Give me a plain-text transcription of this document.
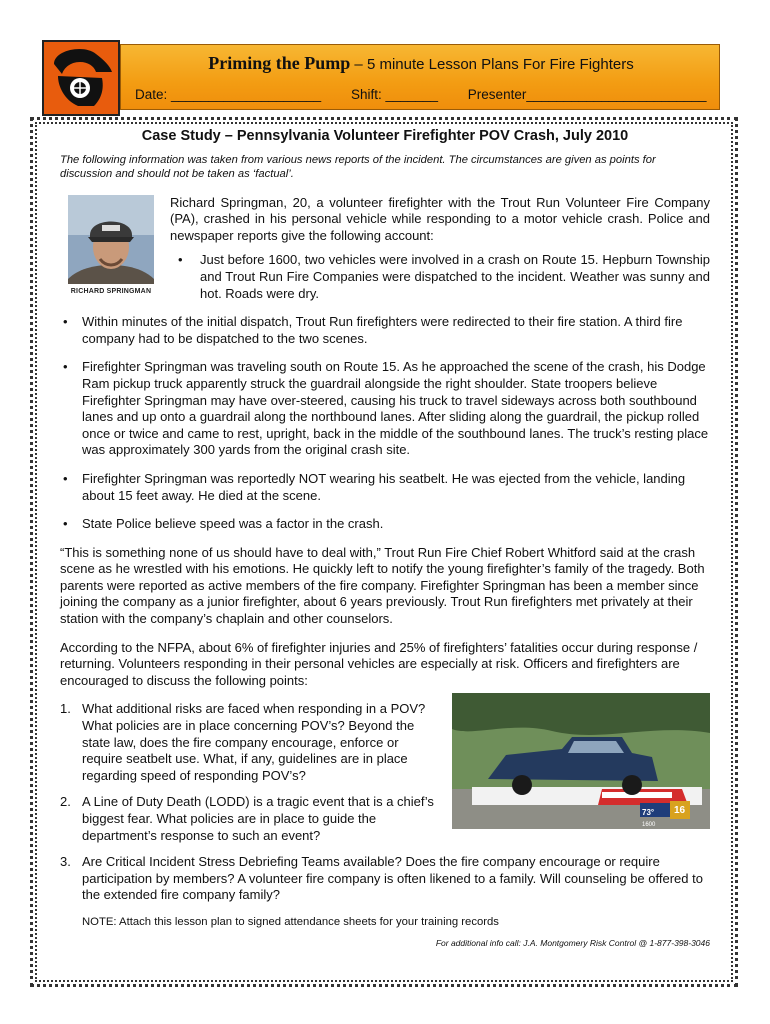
Priming the Pump – 5 minute Lesson Plans For Fire Fighters
Date: ____________________ Shift: _______ Presenter________________________
Case Study – Pennsylvania Volunteer Firefighter POV Crash, July 2010
The following information was taken from various news reports of the incident. The circumstances are given as points for discussion and should not be taken as ‘factual’.
RICHARD SPRINGMAN

Richard Springman, 20, a volunteer firefighter with the Trout Run Volunteer Fire Company (PA), crashed in his personal vehicle while responding to a motor vehicle crash. Police and newspaper reports give the following account:

• Just before 1600, two vehicles were involved in a crash on Route 15. Hepburn Township and Trout Run Fire Companies were dispatched to the incident. Weather was sunny and hot. Roads were dry.
• Within minutes of the initial dispatch, Trout Run firefighters were redirected to their fire station. A third fire company had to be dispatched to the two scenes.
• Firefighter Springman was traveling south on Route 15. As he approached the scene of the crash, his Dodge Ram pickup truck apparently struck the guardrail alongside the right shoulder. State troopers believe Firefighter Springman may have over-steered, causing his truck to travel sideways across both southbound lanes and up onto a guardrail along the northbound lanes. After sliding along the guardrail, the pickup rolled once or twice and came to rest, upright, back in the middle of the southbound lanes. The truck’s resting place was approximately 300 yards from the original crash site.
• Firefighter Springman was reportedly NOT wearing his seatbelt. He was ejected from the vehicle, landing about 15 feet away. He died at the scene.
• State Police believe speed was a factor in the crash.

“This is something none of us should have to deal with,” Trout Run Fire Chief Robert Whitford said at the crash scene as he wrestled with his emotions. He quickly left to notify the young firefighter’s family of the tragedy. Both parents were reported as active members of the fire company. Firefighter Springman has been a member since joining the company as a junior firefighter, about 6 years previously. Trout Run firefighters met privately at their station with the company’s chaplain and other counselors.

According to the NFPA, about 6% of firefighter injuries and 25% of firefighters’ fatalities occur during response / returning. Volunteers responding in their personal vehicles are especially at risk. Officers and firefighters are encouraged to discuss the following points:

1. What additional risks are faced when responding in a POV? What policies are in place concerning POV’s? Beyond the state law, does the fire company encourage, enforce or require seatbelt use. What, if any, guidelines are in place regarding speed of responding POV’s?
2. A Line of Duty Death (LODD) is a tragic event that is a chief’s biggest fear. What policies are in place to guide the department’s response to such an event?
73° 16
1600
3. Are Critical Incident Stress Debriefing Teams available? Does the fire company encourage or require participation by members? A volunteer fire company is often likened to a family. Will counseling be offered to the extended fire company family?
NOTE: Attach this lesson plan to signed attendance sheets for your training records
For additional info call: J.A. Montgomery Risk Control @ 1-877-398-3046
